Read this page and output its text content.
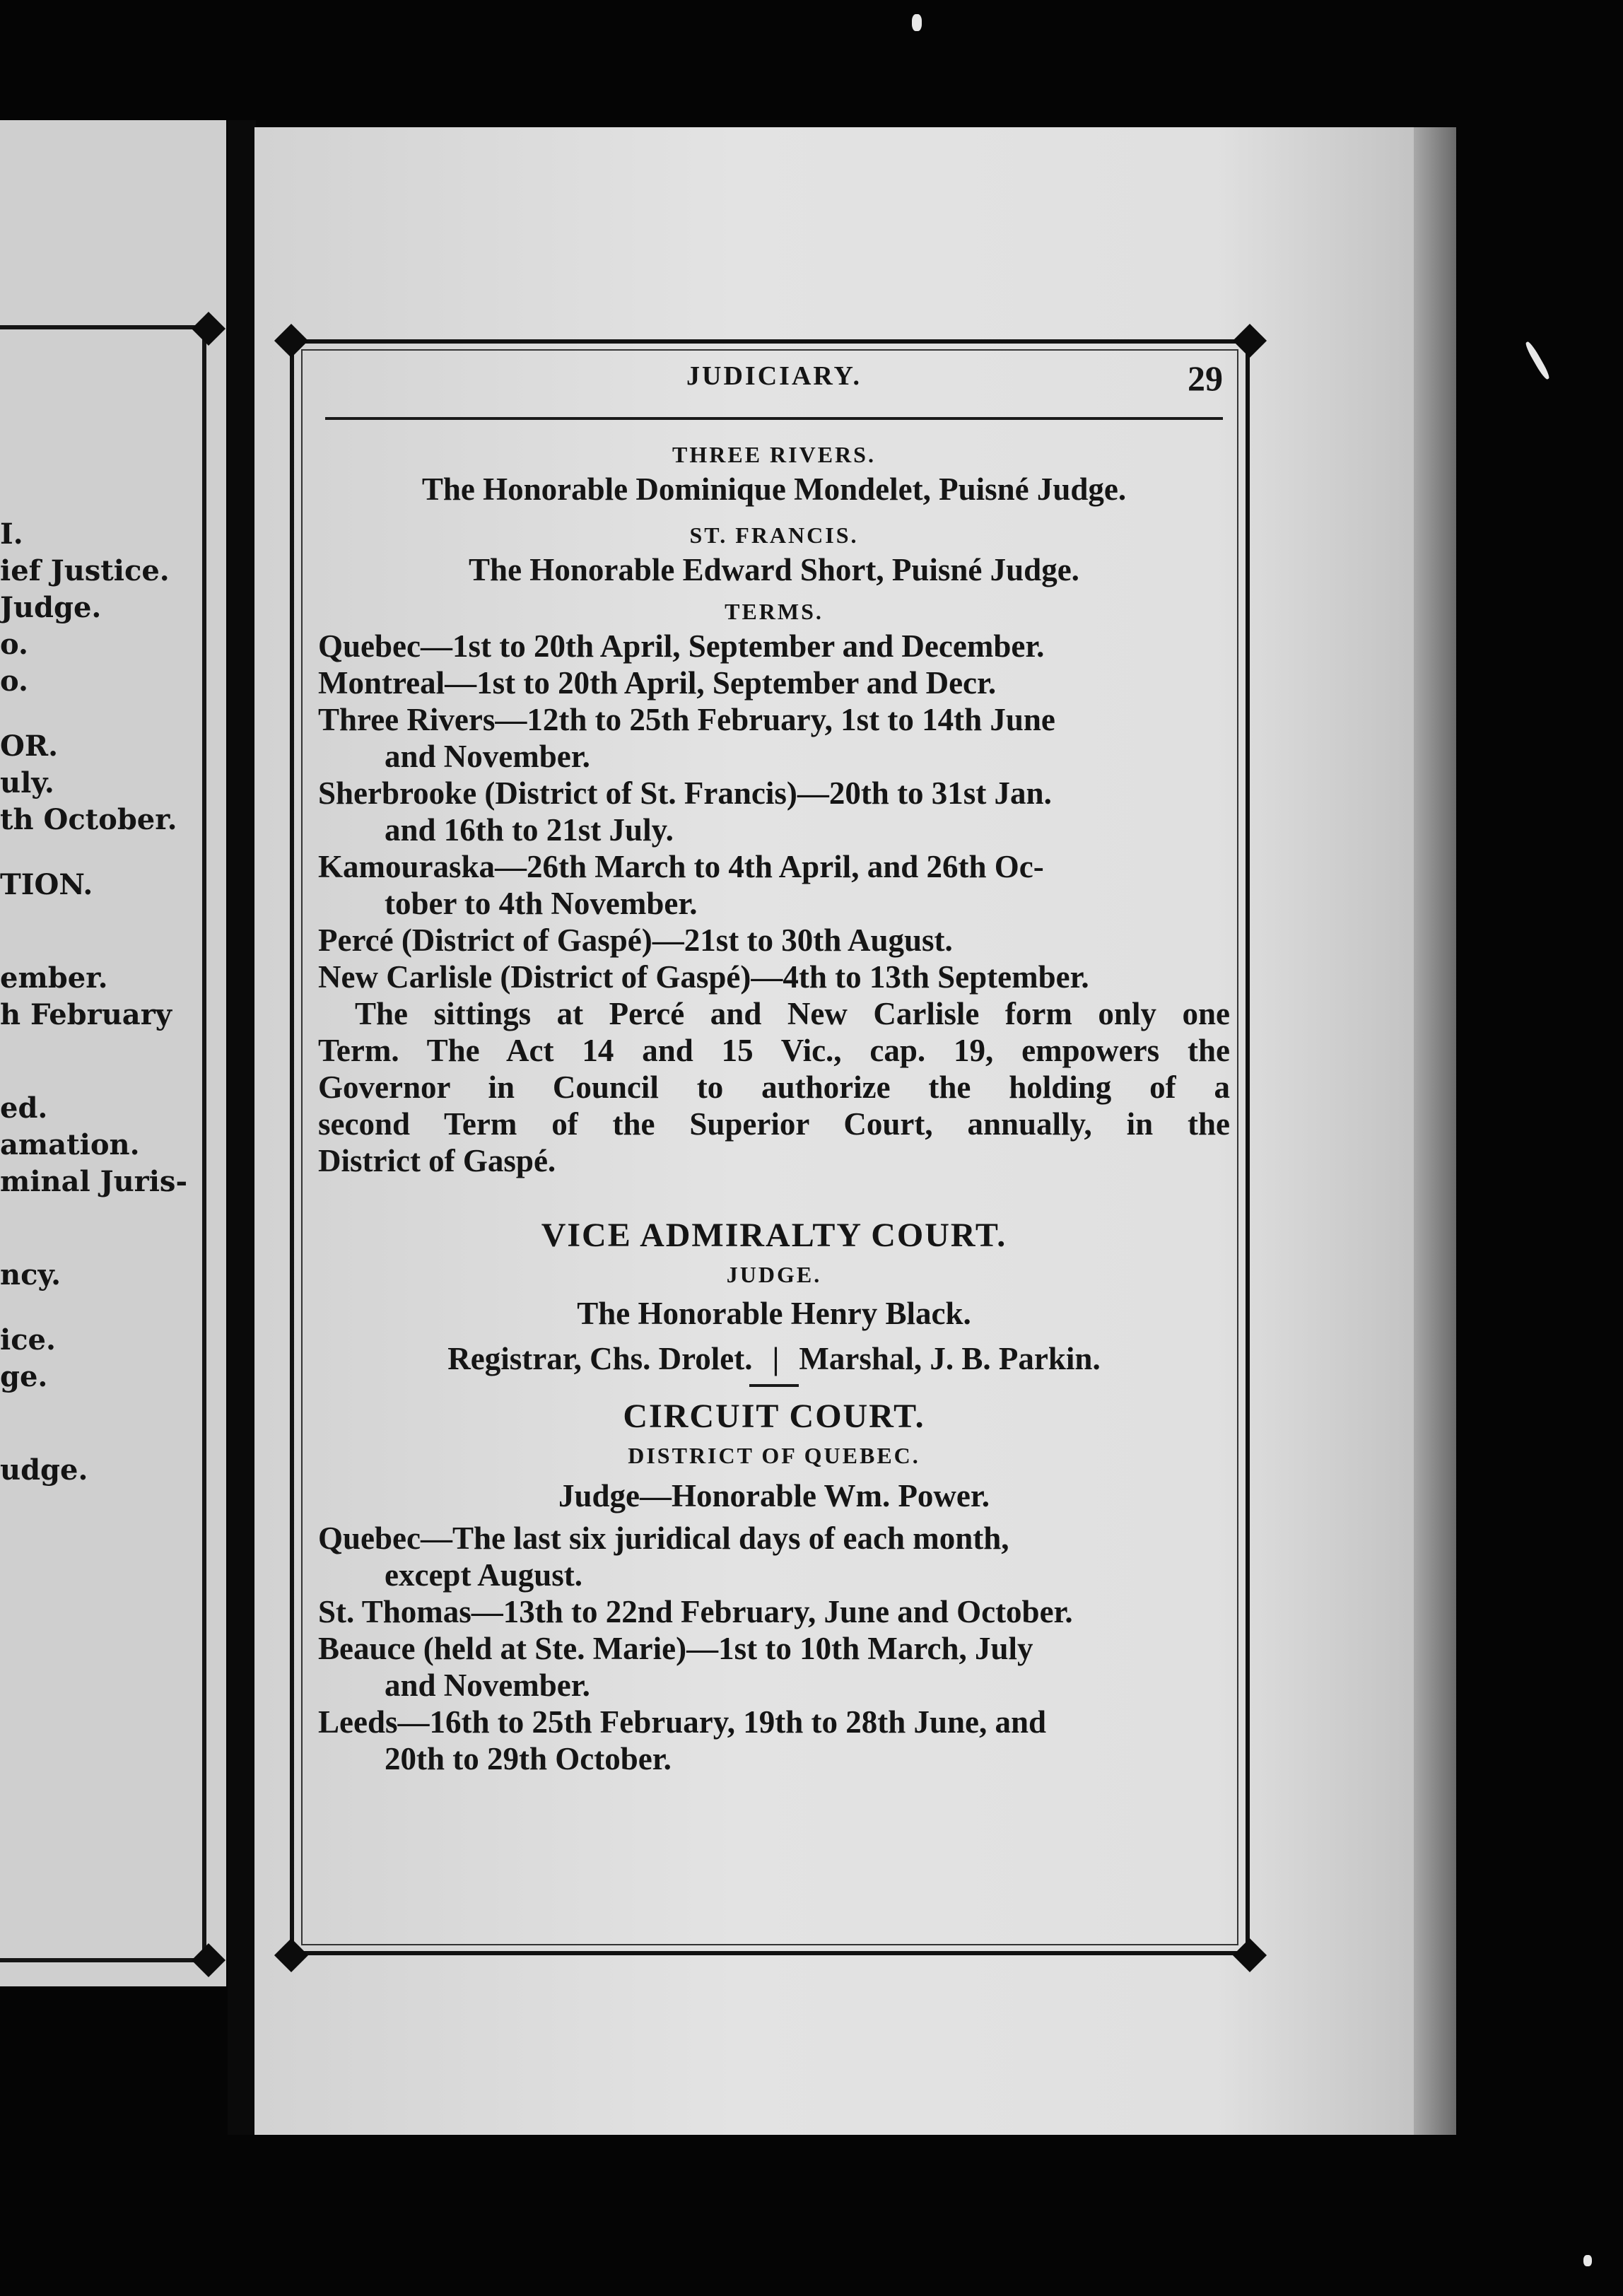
I.
ief Justice.
Judge.
o.
o.
OR.
uly.
th October.
TION.
ember.
h February
ed.
amation.
minal Juris-
ncy.
ice.
ge.
udge.
JUDICIARY.	29
THREE RIVERS.
The Honorable Dominique Mondelet, Puisné Judge.
ST. FRANCIS.
The Honorable Edward Short, Puisné Judge.
TERMS.
Quebec—1st to 20th April, September and December.
Montreal—1st to 20th April, September and Decr.
Three Rivers—12th to 25th February, 1st to 14th June
and November.
Sherbrooke (District of St. Francis)—20th to 31st Jan.
and 16th to 21st July.
Kamouraska—26th March to 4th April, and 26th Oc-
tober to 4th November.
Percé (District of Gaspé)—21st to 30th August.
New Carlisle (District of Gaspé)—4th to 13th September.
The sittings at Percé and New Carlisle form only one
Term. The Act 14 and 15 Vic., cap. 19, empowers the
Governor in Council to authorize the holding of a
second Term of the Superior Court, annually, in the
District of Gaspé.
VICE ADMIRALTY COURT.
JUDGE.
The Honorable Henry Black.
Registrar, Chs. Drolet. | Marshal, J. B. Parkin.
CIRCUIT COURT.
DISTRICT OF QUEBEC.
Judge—Honorable Wm. Power.
Quebec—The last six juridical days of each month,
except August.
St. Thomas—13th to 22nd February, June and October.
Beauce (held at Ste. Marie)—1st to 10th March, July
and November.
Leeds—16th to 25th February, 19th to 28th June, and
20th to 29th October.
